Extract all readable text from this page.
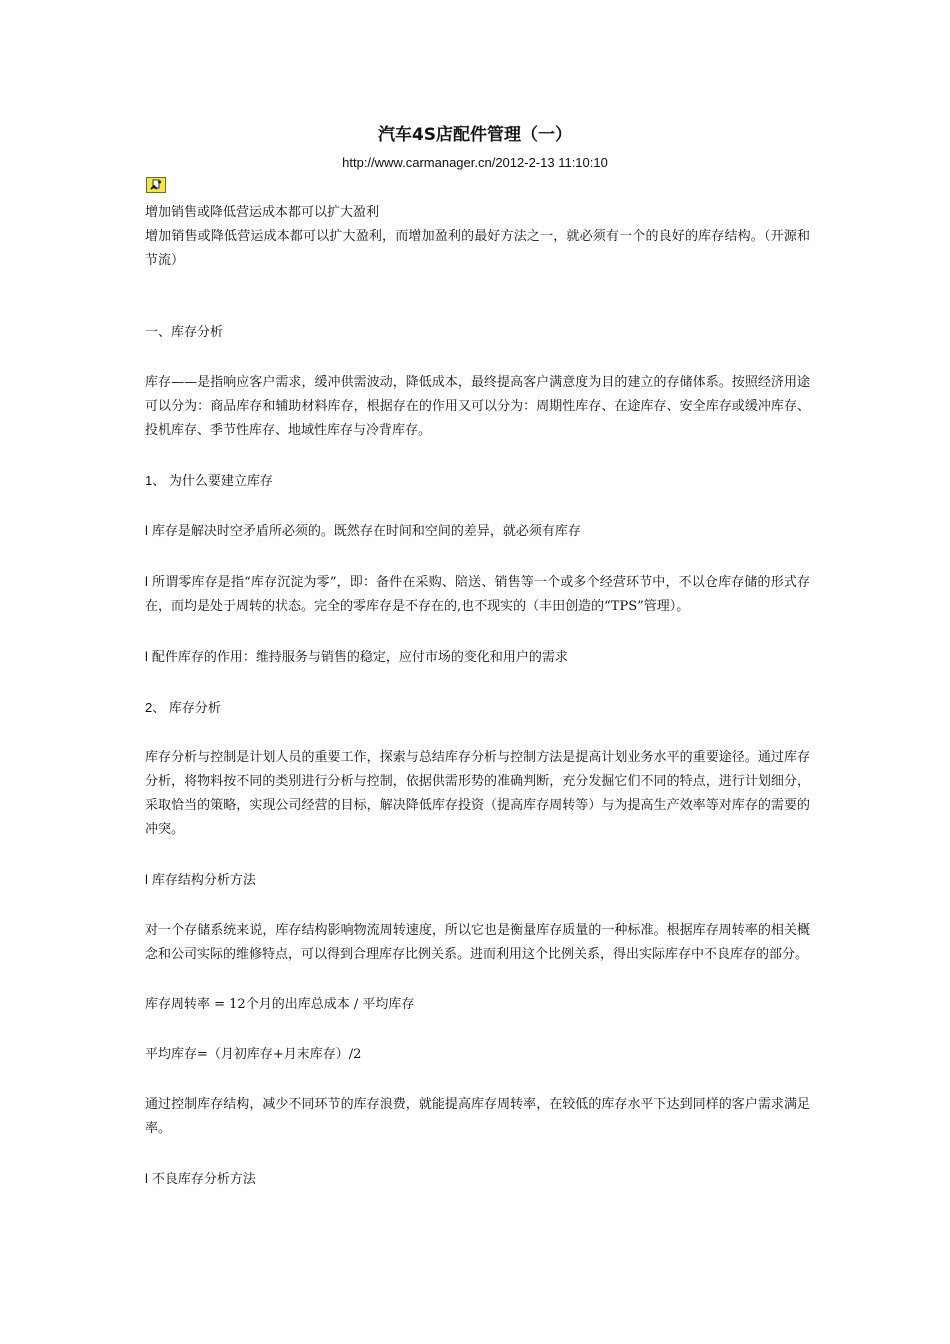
汽车4S店配件管理（一）
http://www.carmanager.cn/2012-2-13 11:10:10

增加销售或降低营运成本都可以扩大盈利

增加销售或降低营运成本都可以扩大盈利，而增加盈利的最好方法之一，就必须有一个的良好的库存结构。（开源和节流）

一、库存分析

库存——是指响应客户需求，缓冲供需波动，降低成本，最终提高客户满意度为目的建立的存储体系。按照经济用途可以分为：商品库存和辅助材料库存，根据存在的作用又可以分为：周期性库存、在途库存、安全库存或缓冲库存、投机库存、季节性库存、地域性库存与冷背库存。

1、 为什么要建立库存

l 库存是解决时空矛盾所必须的。既然存在时间和空间的差异，就必须有库存

l 所谓零库存是指“库存沉淀为零”，即：备件在采购、陪送、销售等一个或多个经营环节中，不以仓库存储的形式存在，而均是处于周转的状态。完全的零库存是不存在的,也不现实的（丰田创造的“TPS”管理）。

l 配件库存的作用：维持服务与销售的稳定，应付市场的变化和用户的需求

2、 库存分析

库存分析与控制是计划人员的重要工作，探索与总结库存分析与控制方法是提高计划业务水平的重要途径。通过库存分析，将物料按不同的类别进行分析与控制，依据供需形势的准确判断，充分发掘它们不同的特点，进行计划细分，采取恰当的策略，实现公司经营的目标，解决降低库存投资（提高库存周转等）与为提高生产效率等对库存的需要的冲突。

l 库存结构分析方法

对一个存储系统来说，库存结构影响物流周转速度，所以它也是衡量库存质量的一种标准。根据库存周转率的相关概念和公司实际的维修特点，可以得到合理库存比例关系。进而利用这个比例关系，得出实际库存中不良库存的部分。

库存周转率 = 12个月的出库总成本 / 平均库存

平均库存=（月初库存+月末库存）/2

通过控制库存结构，减少不同环节的库存浪费，就能提高库存周转率，在较低的库存水平下达到同样的客户需求满足率。

l 不良库存分析方法
